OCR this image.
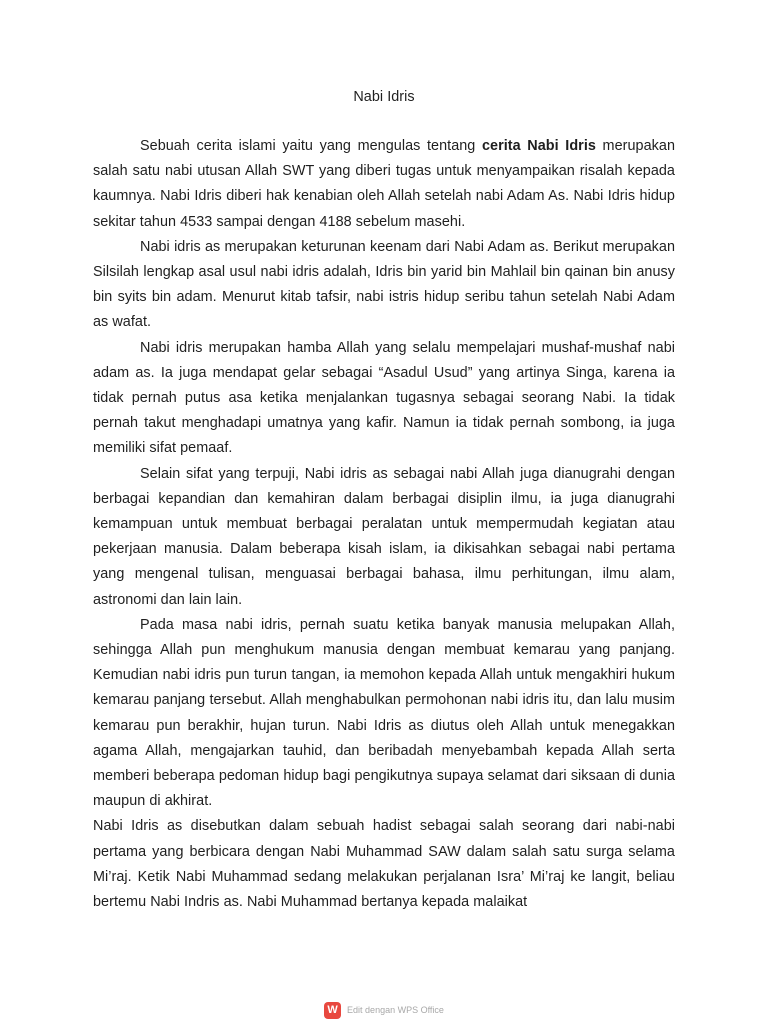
Nabi Idris

Sebuah cerita islami yaitu yang mengulas tentang cerita Nabi Idris merupakan salah satu nabi utusan Allah SWT yang diberi tugas untuk menyampaikan risalah kepada kaumnya. Nabi Idris diberi hak kenabian oleh Allah setelah nabi Adam As. Nabi Idris hidup sekitar tahun 4533 sampai dengan 4188 sebelum masehi.

Nabi idris as merupakan keturunan keenam dari Nabi Adam as. Berikut merupakan Silsilah lengkap asal usul nabi idris adalah, Idris bin yarid bin Mahlail bin qainan bin anusy bin syits bin adam. Menurut kitab tafsir, nabi istris hidup seribu tahun setelah Nabi Adam as wafat.

Nabi idris merupakan hamba Allah yang selalu mempelajari mushaf-mushaf nabi adam as. Ia juga mendapat gelar sebagai “Asadul Usud” yang artinya Singa, karena ia tidak pernah putus asa ketika menjalankan tugasnya sebagai seorang Nabi. Ia tidak pernah takut menghadapi umatnya yang kafir. Namun ia tidak pernah sombong, ia juga memiliki sifat pemaaf.

Selain sifat yang terpuji, Nabi idris as sebagai nabi Allah juga dianugrahi dengan berbagai kepandian dan kemahiran dalam berbagai disiplin ilmu, ia juga dianugrahi kemampuan untuk membuat berbagai peralatan untuk mempermudah kegiatan atau pekerjaan manusia. Dalam beberapa kisah islam, ia dikisahkan sebagai nabi pertama yang mengenal tulisan, menguasai berbagai bahasa, ilmu perhitungan, ilmu alam, astronomi dan lain lain.

Pada masa nabi idris, pernah suatu ketika banyak manusia melupakan Allah, sehingga Allah pun menghukum manusia dengan membuat kemarau yang panjang. Kemudian nabi idris pun turun tangan, ia memohon kepada Allah untuk mengakhiri hukum kemarau panjang tersebut. Allah menghabulkan permohonan nabi idris itu, dan lalu musim kemarau pun berakhir, hujan turun. Nabi Idris as diutus oleh Allah untuk menegakkan agama Allah, mengajarkan tauhid, dan beribadah menyebambah kepada Allah serta memberi beberapa pedoman hidup bagi pengikutnya supaya selamat dari siksaan di dunia maupun di akhirat.

Nabi Idris as disebutkan dalam sebuah hadist sebagai salah seorang dari nabi-nabi pertama yang berbicara dengan Nabi Muhammad SAW dalam salah satu surga selama Mi’raj. Ketik Nabi Muhammad sedang melakukan perjalanan Isra’ Mi’raj ke langit, beliau bertemu Nabi Indris as. Nabi Muhammad bertanya kepada malaikat

W	Edit dengan WPS Office
